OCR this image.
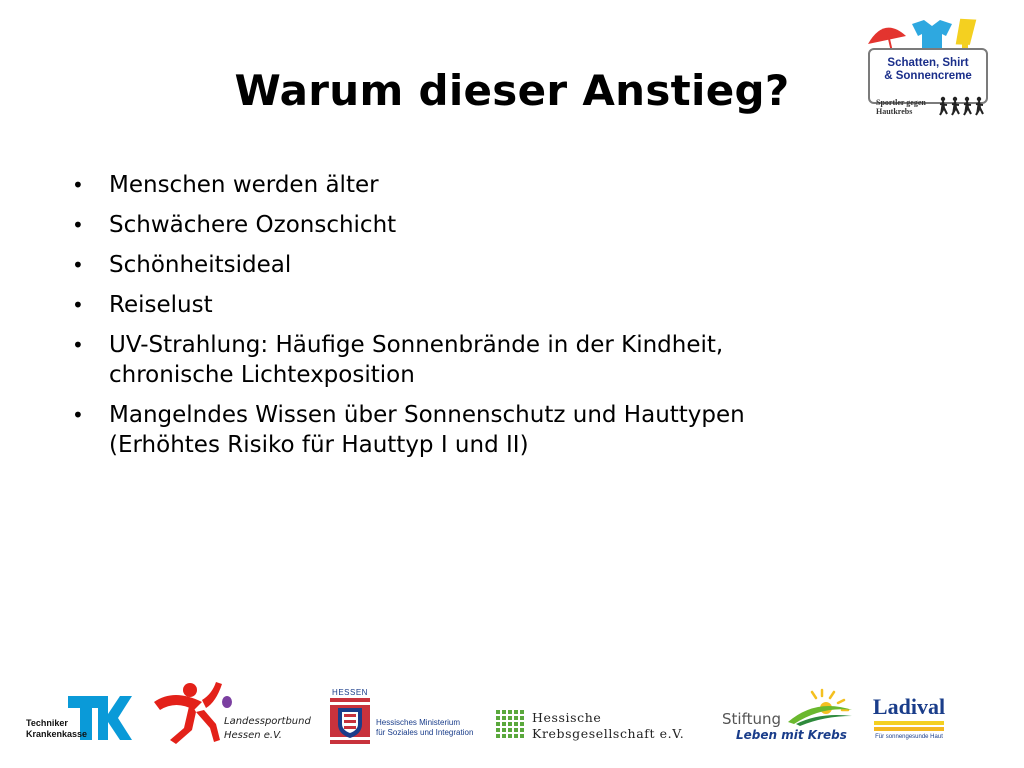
Warum dieser Anstieg?
• Menschen werden älter
• Schwächere Ozonschicht
• Schönheitsideal
• Reiselust
• UV-Strahlung: Häufige Sonnenbrände in der Kindheit, chronische Lichtexposition
• Mangelndes Wissen über Sonnenschutz und Hauttypen (Erhöhtes Risiko für Hauttyp I und II)
Schatten, Shirt
& Sonnencreme
Sportler gegen
Hautkrebs
Techniker
Krankenkasse
Landessportbund
Hessen e.V.
HESSEN
Hessisches Ministerium
für Soziales und Integration
Hessische
Krebsgesellschaft e.V.
Stiftung
Leben mit Krebs
Ladival
Für sonnengesunde Haut
